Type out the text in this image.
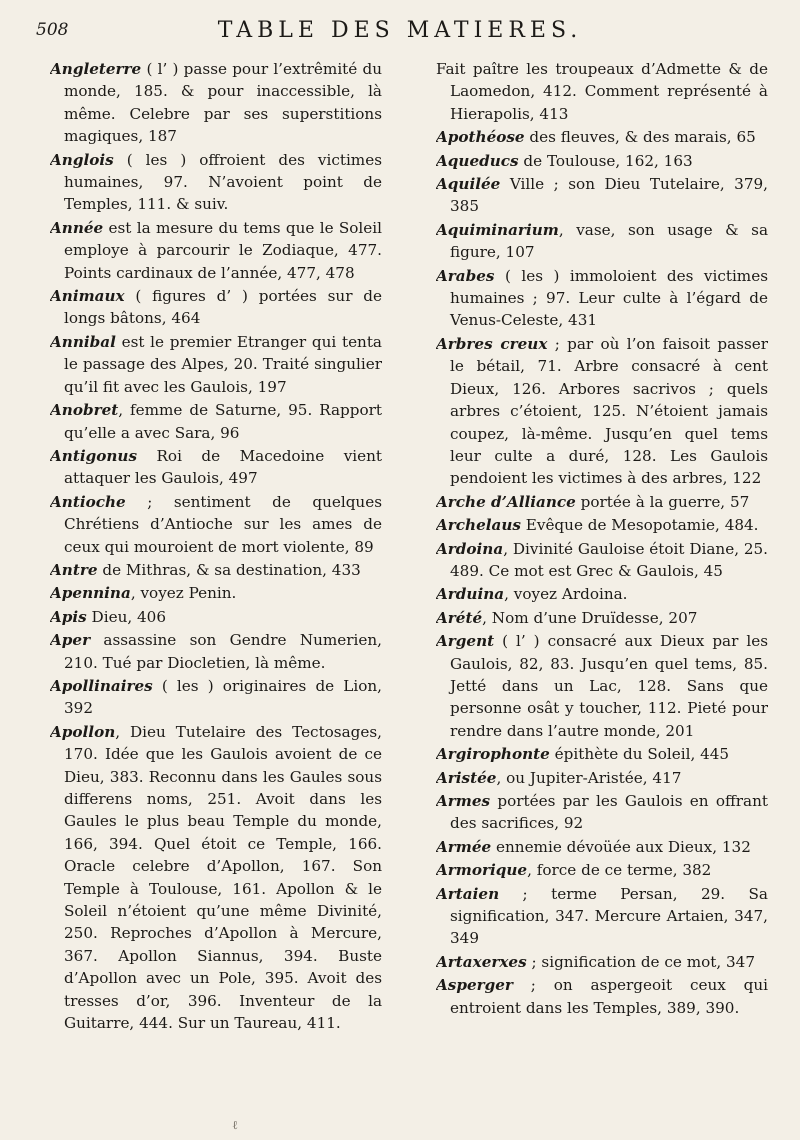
508	TABLE DES MATIERES.

Angleterre ( l’ ) passe pour l’extrêmité du monde, 185. & pour inaccessible, là même. Celebre par ses superstitions magiques, 187

Anglois ( les ) offroient des victimes humaines, 97. N’avoient point de Temples, 111. & suiv.

Année est la mesure du tems que le Soleil employe à parcourir le Zodiaque, 477. Points cardinaux de l’année, 477, 478

Animaux ( figures d’ ) portées sur de longs bâtons, 464

Annibal est le premier Etranger qui tenta le passage des Alpes, 20. Traité singulier qu’il fit avec les Gaulois, 197

Anobret, femme de Saturne, 95. Rapport qu’elle a avec Sara, 96

Antigonus Roi de Macedoine vient attaquer les Gaulois, 497

Antioche ; sentiment de quelques Chrétiens d’Antioche sur les ames de ceux qui mouroient de mort violente, 89

Antre de Mithras, & sa destination, 433

Apennina, voyez Penin.

Apis Dieu, 406

Aper assassine son Gendre Numerien, 210. Tué par Diocletien, là même.

Apollinaires ( les ) originaires de Lion, 392

Apollon, Dieu Tutelaire des Tectosages, 170. Idée que les Gaulois avoient de ce Dieu, 383. Reconnu dans les Gaules sous differens noms, 251. Avoit dans les Gaules le plus beau Temple du monde, 166, 394. Quel étoit ce Temple, 166. Oracle celebre d’Apollon, 167. Son Temple à Toulouse, 161. Apollon & le Soleil n’étoient qu’une même Divinité, 250. Reproches d’Apollon à Mercure, 367. Apollon Siannus, 394. Buste d’Apollon avec un Pole, 395. Avoit des tresses d’or, 396. Inventeur de la Guitarre, 444. Sur un Taureau, 411.

Fait paître les troupeaux d’Admette & de Laomedon, 412. Comment représenté à Hierapolis, 413

Apothéose des fleuves, & des marais, 65

Aqueducs de Toulouse, 162, 163

Aquilée Ville ; son Dieu Tutelaire, 379, 385

Aquiminarium, vase, son usage & sa figure, 107

Arabes ( les ) immoloient des victimes humaines ; 97. Leur culte à l’égard de Venus-Celeste, 431

Arbres creux ; par où l’on faisoit passer le bétail, 71. Arbre consacré à cent Dieux, 126. Arbores sacrivos ; quels arbres c’étoient, 125. N’étoient jamais coupez, là-même. Jusqu’en quel tems leur culte a duré, 128. Les Gaulois pendoient les victimes à des arbres, 122

Arche d’Alliance portée à la guerre, 57

Archelaus Evêque de Mesopotamie, 484.

Ardoina, Divinité Gauloise étoit Diane, 25. 489. Ce mot est Grec & Gaulois, 45

Arduina, voyez Ardoina.

Arété, Nom d’une Druïdesse, 207

Argent ( l’ ) consacré aux Dieux par les Gaulois, 82, 83. Jusqu’en quel tems, 85. Jetté dans un Lac, 128. Sans que personne osât y toucher, 112. Pieté pour rendre dans l’autre monde, 201

Argirophonte épithète du Soleil, 445

Aristée, ou Jupiter-Aristée, 417

Armes portées par les Gaulois en offrant des sacrifices, 92

Armée ennemie dévoüée aux Dieux, 132

Armorique, force de ce terme, 382

Artaien ; terme Persan, 29. Sa signification, 347. Mercure Artaien, 347, 349

Artaxerxes ; signification de ce mot, 347

Asperger ; on aspergeoit ceux qui entroient dans les Temples, 389, 390.

ℓ
